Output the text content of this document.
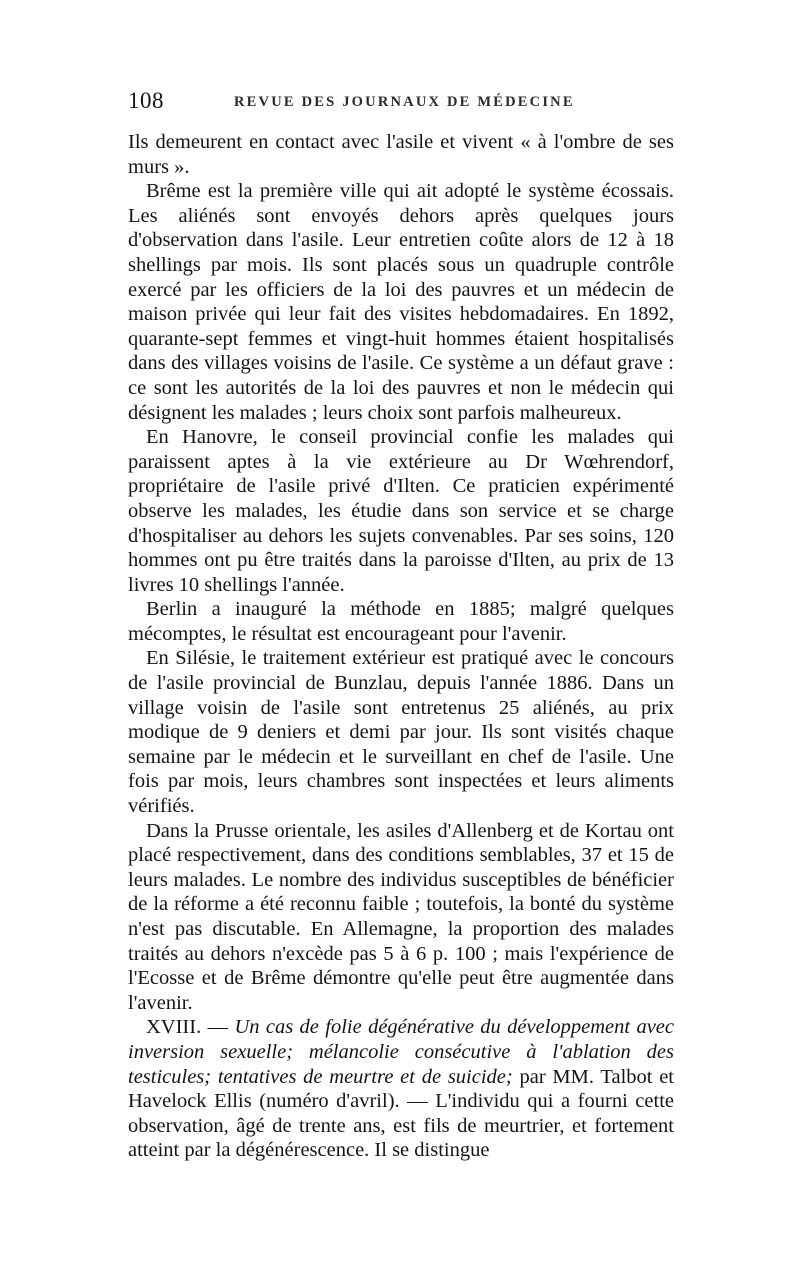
108	REVUE DES JOURNAUX DE MÉDECINE

Ils demeurent en contact avec l'asile et vivent « à l'ombre de ses murs ».

Brême est la première ville qui ait adopté le système écossais. Les aliénés sont envoyés dehors après quelques jours d'observation dans l'asile. Leur entretien coûte alors de 12 à 18 shellings par mois. Ils sont placés sous un quadruple contrôle exercé par les officiers de la loi des pauvres et un médecin de maison privée qui leur fait des visites hebdomadaires. En 1892, quarante-sept femmes et vingt-huit hommes étaient hospitalisés dans des villages voisins de l'asile. Ce système a un défaut grave : ce sont les autorités de la loi des pauvres et non le médecin qui désignent les malades ; leurs choix sont parfois malheureux.

En Hanovre, le conseil provincial confie les malades qui paraissent aptes à la vie extérieure au Dr Wœhrendorf, propriétaire de l'asile privé d'Ilten. Ce praticien expérimenté observe les malades, les étudie dans son service et se charge d'hospitaliser au dehors les sujets convenables. Par ses soins, 120 hommes ont pu être traités dans la paroisse d'Ilten, au prix de 13 livres 10 shellings l'année.

Berlin a inauguré la méthode en 1885; malgré quelques mécomptes, le résultat est encourageant pour l'avenir.

En Silésie, le traitement extérieur est pratiqué avec le concours de l'asile provincial de Bunzlau, depuis l'année 1886. Dans un village voisin de l'asile sont entretenus 25 aliénés, au prix modique de 9 deniers et demi par jour. Ils sont visités chaque semaine par le médecin et le surveillant en chef de l'asile. Une fois par mois, leurs chambres sont inspectées et leurs aliments vérifiés.

Dans la Prusse orientale, les asiles d'Allenberg et de Kortau ont placé respectivement, dans des conditions semblables, 37 et 15 de leurs malades. Le nombre des individus susceptibles de bénéficier de la réforme a été reconnu faible ; toutefois, la bonté du système n'est pas discutable. En Allemagne, la proportion des malades traités au dehors n'excède pas 5 à 6 p. 100 ; mais l'expérience de l'Ecosse et de Brême démontre qu'elle peut être augmentée dans l'avenir.

XVIII. — Un cas de folie dégénérative du développement avec inversion sexuelle; mélancolie consécutive à l'ablation des testicules; tentatives de meurtre et de suicide; par MM. Talbot et Havelock Ellis (numéro d'avril). — L'individu qui a fourni cette observation, âgé de trente ans, est fils de meurtrier, et fortement atteint par la dégénérescence. Il se distingue
